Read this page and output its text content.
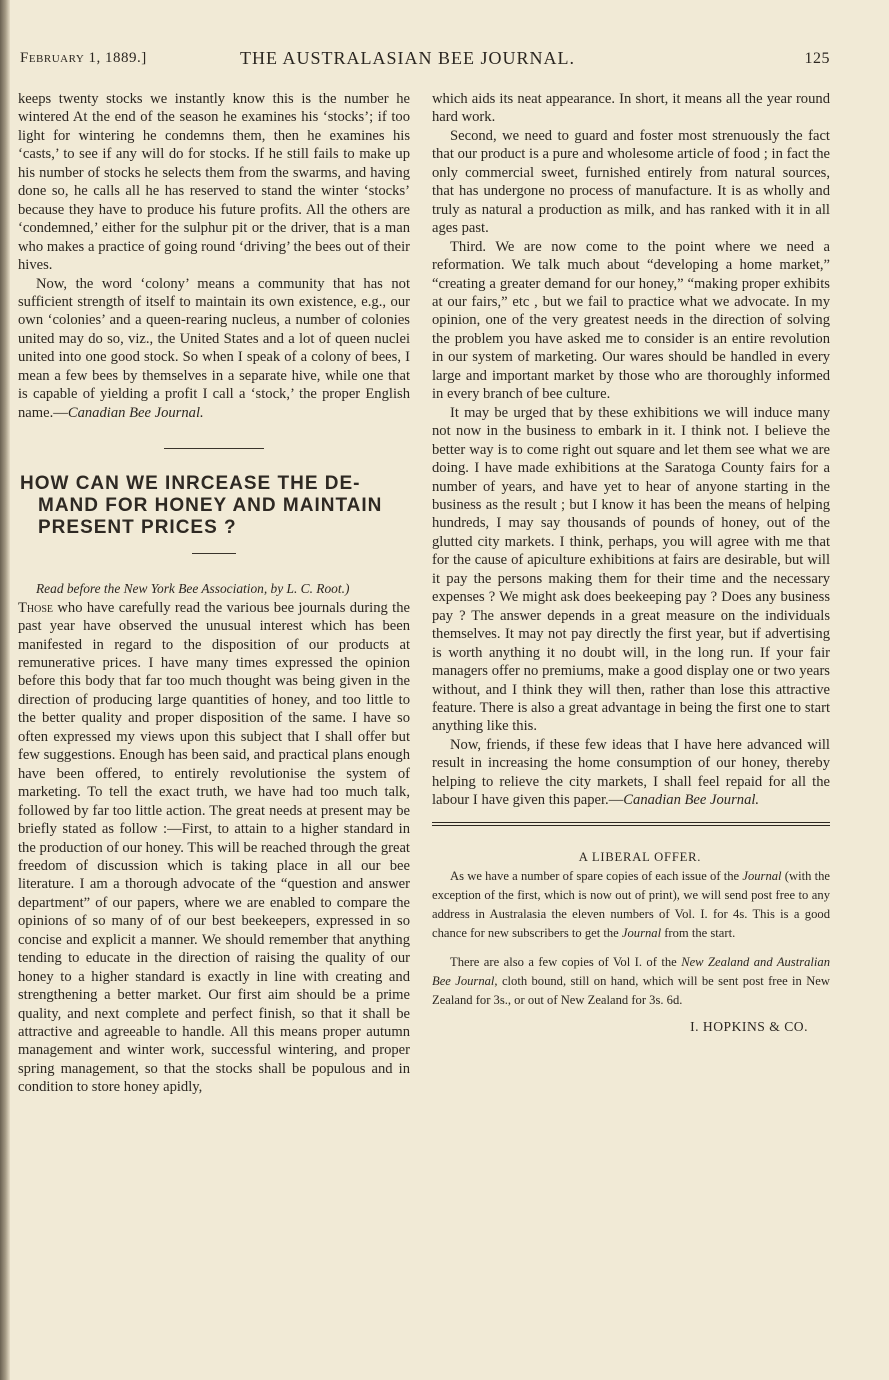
February 1, 1889.]	THE AUSTRALASIAN BEE JOURNAL.	125

keeps twenty stocks we instantly know this is the number he wintered At the end of the season he examines his ‘stocks’; if too light for wintering he condemns them, then he examines his ‘casts,’ to see if any will do for stocks. If he still fails to make up his number of stocks he selects them from the swarms, and having done so, he calls all he has reserved to stand the winter ‘stocks’ because they have to produce his future profits. All the others are ‘condemned,’ either for the sulphur pit or the driver, that is a man who makes a practice of going round ‘driving’ the bees out of their hives.

Now, the word ‘colony’ means a community that has not sufficient strength of itself to maintain its own existence, e.g., our own ‘colonies’ and a queen-rearing nucleus, a number of colonies united may do so, viz., the United States and a lot of queen nuclei united into one good stock. So when I speak of a colony of bees, I mean a few bees by themselves in a separate hive, while one that is capable of yielding a profit I call a ‘stock,’ the proper English name.—Canadian Bee Journal.

HOW CAN WE INRCEASE THE DE-
MAND FOR HONEY AND MAINTAIN
PRESENT PRICES ?

Read before the New York Bee Association, by L. C. Root.)

Those who have carefully read the various bee journals during the past year have observed the unusual interest which has been manifested in regard to the disposition of our products at remunerative prices. I have many times expressed the opinion before this body that far too much thought was being given in the direction of producing large quantities of honey, and too little to the better quality and proper disposition of the same. I have so often expressed my views upon this subject that I shall offer but few suggestions. Enough has been said, and practical plans enough have been offered, to entirely revolutionise the system of marketing. To tell the exact truth, we have had too much talk, followed by far too little action. The great needs at present may be briefly stated as follow :—First, to attain to a higher standard in the production of our honey. This will be reached through the great freedom of discussion which is taking place in all our bee literature. I am a thorough advocate of the “question and answer department” of our papers, where we are enabled to compare the opinions of so many of of our best beekeepers, expressed in so concise and explicit a manner. We should remember that anything tending to educate in the direction of raising the quality of our honey to a higher standard is exactly in line with creating and strengthening a better market. Our first aim should be a prime quality, and next complete and perfect finish, so that it shall be attractive and agreeable to handle. All this means proper autumn management and winter work, successful wintering, and proper spring management, so that the stocks shall be populous and in condition to store honey apidly,

which aids its neat appearance. In short, it means all the year round hard work.

Second, we need to guard and foster most strenuously the fact that our product is a pure and wholesome article of food ; in fact the only commercial sweet, furnished entirely from natural sources, that has undergone no process of manufacture. It is as wholly and truly as natural a production as milk, and has ranked with it in all ages past.

Third. We are now come to the point where we need a reformation. We talk much about “developing a home market,” “creating a greater demand for our honey,” “making proper exhibits at our fairs,” etc , but we fail to practice what we advocate. In my opinion, one of the very greatest needs in the direction of solving the problem you have asked me to consider is an entire revolution in our system of marketing. Our wares should be handled in every large and important market by those who are thoroughly informed in every branch of bee culture.

It may be urged that by these exhibitions we will induce many not now in the business to embark in it. I think not. I believe the better way is to come right out square and let them see what we are doing. I have made exhibitions at the Saratoga County fairs for a number of years, and have yet to hear of anyone starting in the business as the result ; but I know it has been the means of helping hundreds, I may say thousands of pounds of honey, out of the glutted city markets. I think, perhaps, you will agree with me that for the cause of apiculture exhibitions at fairs are desirable, but will it pay the persons making them for their time and the necessary expenses ? We might ask does beekeeping pay ? Does any business pay ? The answer depends in a great measure on the individuals themselves. It may not pay directly the first year, but if advertising is worth anything it no doubt will, in the long run. If your fair managers offer no premiums, make a good display one or two years without, and I think they will then, rather than lose this attractive feature. There is also a great advantage in being the first one to start anything like this.

Now, friends, if these few ideas that I have here advanced will result in increasing the home consumption of our honey, thereby helping to relieve the city markets, I shall feel repaid for all the labour I have given this paper.—Canadian Bee Journal.

A LIBERAL OFFER.

As we have a number of spare copies of each issue of the Journal (with the exception of the first, which is now out of print), we will send post free to any address in Australasia the eleven numbers of Vol. I. for 4s. This is a good chance for new subscribers to get the Journal from the start.

There are also a few copies of Vol I. of the New Zealand and Australian Bee Journal, cloth bound, still on hand, which will be sent post free in New Zealand for 3s., or out of New Zealand for 3s. 6d.

I. HOPKINS & CO.
